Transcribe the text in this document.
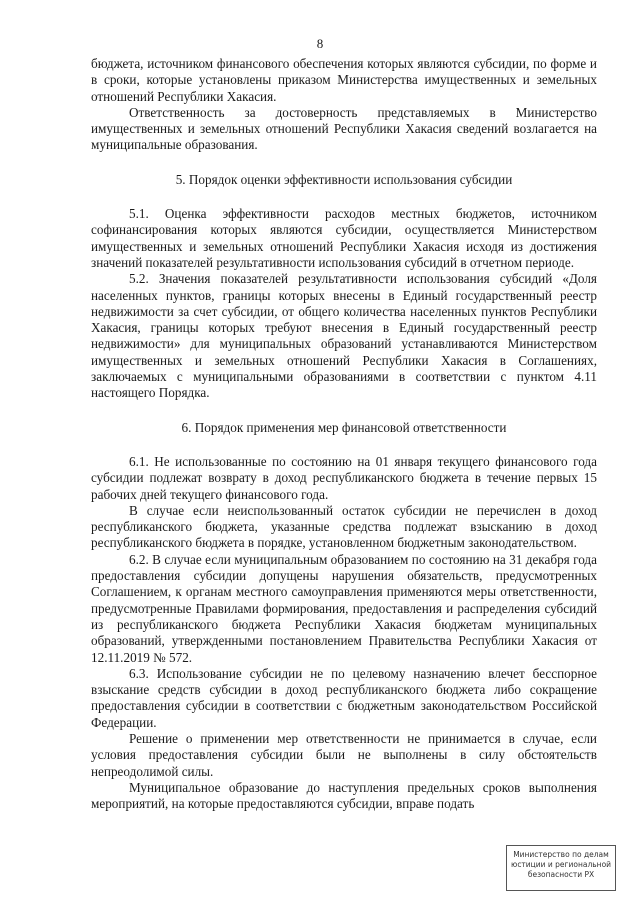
8

бюджета, источником финансового обеспечения которых являются субсидии, по форме и в сроки, которые установлены приказом Министерства имущественных и земельных отношений Республики Хакасия.

Ответственность за достоверность представляемых в Министерство имущественных и земельных отношений Республики Хакасия сведений возлагается на муниципальные образования.

5. Порядок оценки эффективности использования субсидии

5.1. Оценка эффективности расходов местных бюджетов, источником софинансирования которых являются субсидии, осуществляется Министерством имущественных и земельных отношений Республики Хакасия исходя из достижения значений показателей результативности использования субсидий в отчетном периоде.

5.2. Значения показателей результативности использования субсидий «Доля населенных пунктов, границы которых внесены в Единый государственный реестр недвижимости за счет субсидии, от общего количества населенных пунктов Республики Хакасия, границы которых требуют внесения в Единый государственный реестр недвижимости» для муниципальных образований устанавливаются Министерством имущественных и земельных отношений Республики Хакасия в Соглашениях, заключаемых с муниципальными образованиями в соответствии с пунктом 4.11 настоящего Порядка.

6. Порядок применения мер финансовой ответственности

6.1. Не использованные по состоянию на 01 января текущего финансового года субсидии подлежат возврату в доход республиканского бюджета в течение первых 15 рабочих дней текущего финансового года.

В случае если неиспользованный остаток субсидии не перечислен в доход республиканского бюджета, указанные средства подлежат взысканию в доход республиканского бюджета в порядке, установленном бюджетным законодательством.

6.2. В случае если муниципальным образованием по состоянию на 31 декабря года предоставления субсидии допущены нарушения обязательств, предусмотренных Соглашением, к органам местного самоуправления применяются меры ответственности, предусмотренные Правилами формирования, предоставления и распределения субсидий из республиканского бюджета Республики Хакасия бюджетам муниципальных образований, утвержденными постановлением Правительства Республики Хакасия от 12.11.2019 № 572.

6.3. Использование субсидии не по целевому назначению влечет бесспорное взыскание средств субсидии в доход республиканского бюджета либо сокращение предоставления субсидии в соответствии с бюджетным законодательством Российской Федерации.

Решение о применении мер ответственности не принимается в случае, если условия предоставления субсидии были не выполнены в силу обстоятельств непреодолимой силы.

Муниципальное образование до наступления предельных сроков выполнения мероприятий, на которые предоставляются субсидии, вправе подать

Министерство по делам
юстиции и региональной
безопасности РХ
